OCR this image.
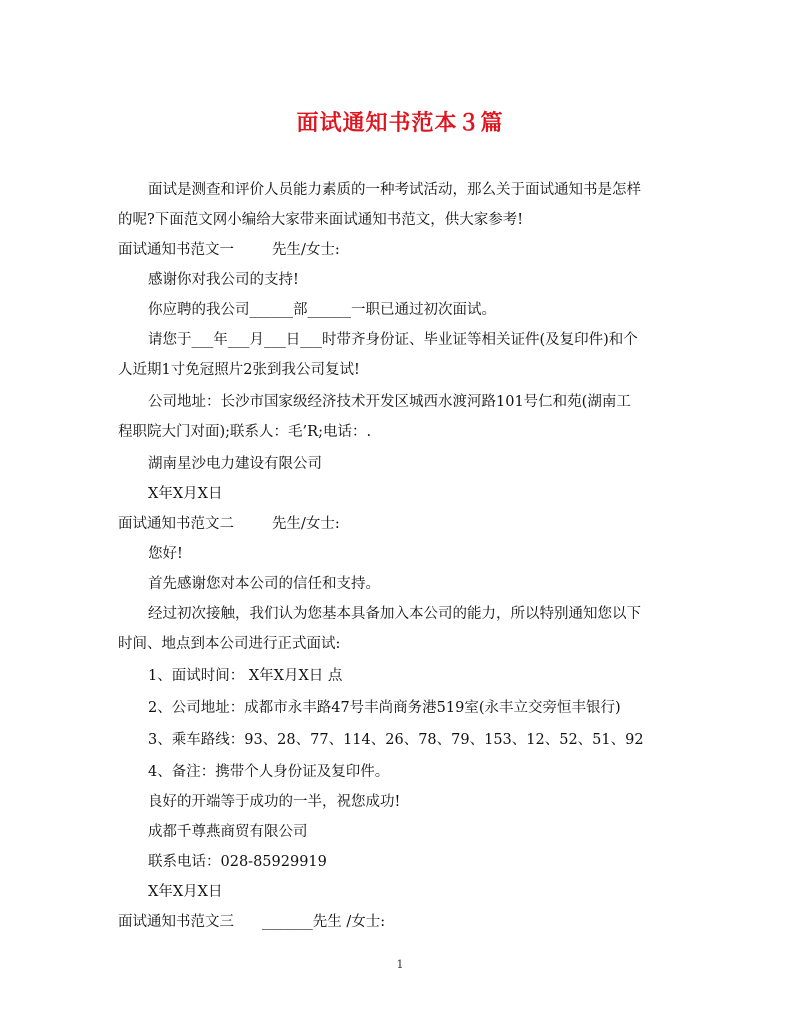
面试通知书范本３篇
面试是测查和评价人员能力素质的一种考试活动，那么关于面试通知书是怎样
的呢?下面范文网小编给大家带来面试通知书范文，供大家参考!
面试通知书范文一	先生/女士:
感谢你对我公司的支持!
你应聘的我公司______部______一职已通过初次面试。
请您于___年___月___日___时带齐身份证、毕业证等相关证件(及复印件)和个
人近期1寸免冠照片2张到我公司复试!
公司地址：长沙市国家级经济技术开发区城西水渡河路101号仁和苑(湖南工
程职院大门对面);联系人：毛’R;电话：.
湖南星沙电力建设有限公司
X年X月X日
面试通知书范文二	先生/女士:
您好!
首先感谢您对本公司的信任和支持。
经过初次接触，我们认为您基本具备加入本公司的能力，所以特别通知您以下
时间、地点到本公司进行正式面试:
1、面试时间： X年X月X日 点
2、公司地址：成都市永丰路47号丰尚商务港519室(永丰立交旁恒丰银行)
3、乘车路线：93、28、77、114、26、78、79、153、12、52、51、92
4、备注：携带个人身份证及复印件。
良好的开端等于成功的一半，祝您成功!
成都千尊燕商贸有限公司
联系电话：028-85929919
X年X月X日
面试通知书范文三 _______先生 /女士:
1
